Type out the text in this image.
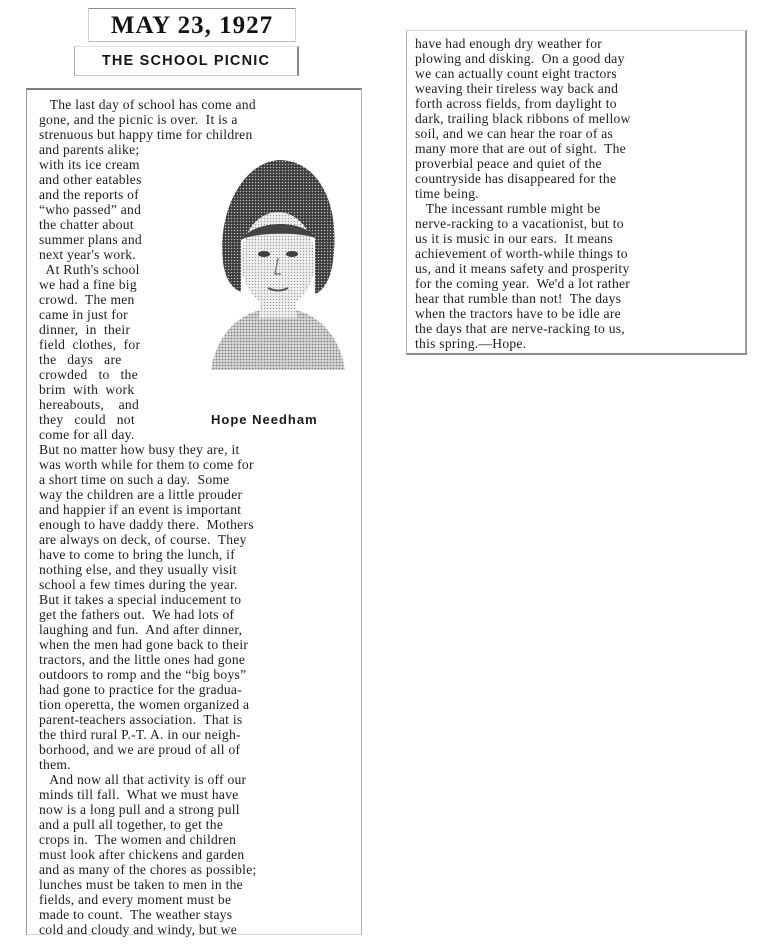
MAY 23, 1927
THE SCHOOL PICNIC
Hope Needham
The last day of school has come and
gone, and the picnic is over.  It is a
strenuous but happy time for children
and parents alike;
with its ice cream
and other eatables
and the reports of
“who passed” and
the chatter about
summer plans and
next year's work.
At Ruth's school
we had a fine big
crowd.  The men
came in just for
dinner,  in  their
field  clothes,  for
the   days   are
crowded   to   the
brim  with  work
hereabouts,    and
they   could   not
come for all day.
But no matter how busy they are, it
was worth while for them to come for
a short time on such a day.  Some
way the children are a little prouder
and happier if an event is important
enough to have daddy there.  Mothers
are always on deck, of course.  They
have to come to bring the lunch, if
nothing else, and they usually visit
school a few times during the year.
But it takes a special inducement to
get the fathers out.  We had lots of
laughing and fun.  And after dinner,
when the men had gone back to their
tractors, and the little ones had gone
outdoors to romp and the “big boys”
had gone to practice for the gradua-
tion operetta, the women organized a
parent-teachers association.  That is
the third rural P.-T. A. in our neigh-
borhood, and we are proud of all of
them.
And now all that activity is off our
minds till fall.  What we must have
now is a long pull and a strong pull
and a pull all together, to get the
crops in.  The women and children
must look after chickens and garden
and as many of the chores as possible;
lunches must be taken to men in the
fields, and every moment must be
made to count.  The weather stays
cold and cloudy and windy, but we
have had enough dry weather for
plowing and disking.  On a good day
we can actually count eight tractors
weaving their tireless way back and
forth across fields, from daylight to
dark, trailing black ribbons of mellow
soil, and we can hear the roar of as
many more that are out of sight.  The
proverbial peace and quiet of the
countryside has disappeared for the
time being.
The incessant rumble might be
nerve-racking to a vacationist, but to
us it is music in our ears.  It means
achievement of worth-while things to
us, and it means safety and prosperity
for the coming year.  We'd a lot rather
hear that rumble than not!  The days
when the tractors have to be idle are
the days that are nerve-racking to us,
this spring.—Hope.
